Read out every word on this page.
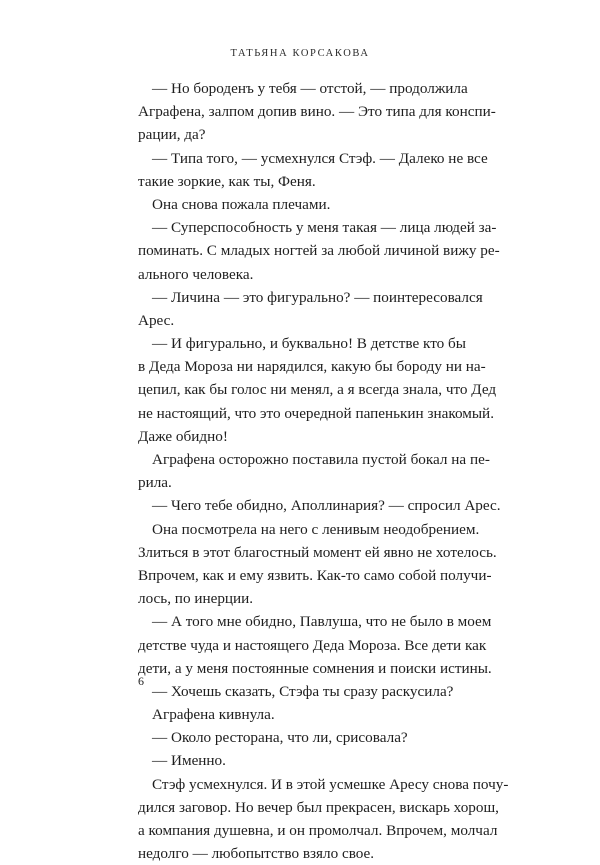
ТАТЬЯНА КОРСАКОВА
— Но бороденъ у тебя — отстой, — продолжила
Аграфена, залпом допив вино. — Это типа для конспи-
рации, да?
— Типа того, — усмехнулся Стэф. — Далеко не все
такие зоркие, как ты, Феня.
Она снова пожала плечами.
— Суперспособность у меня такая — лица людей за-
поминать. С младых ногтей за любой личиной вижу ре-
ального человека.
— Личина — это фигурально? — поинтересовался
Арес.
— И фигурально, и буквально! В детстве кто бы
в Деда Мороза ни нарядился, какую бы бороду ни на-
цепил, как бы голос ни менял, а я всегда знала, что Дед
не настоящий, что это очередной папенькин знакомый.
Даже обидно!
Аграфена осторожно поставила пустой бокал на пе-
рила.
— Чего тебе обидно, Аполлинария? — спросил Арес.
Она посмотрела на него с ленивым неодобрением.
Злиться в этот благостный момент ей явно не хотелось.
Впрочем, как и ему язвить. Как-то само собой получи-
лось, по инерции.
— А того мне обидно, Павлуша, что не было в моем
детстве чуда и настоящего Деда Мороза. Все дети как
дети, а у меня постоянные сомнения и поиски истины.
— Хочешь сказать, Стэфа ты сразу раскусила?
Аграфена кивнула.
— Около ресторана, что ли, срисовала?
— Именно.
Стэф усмехнулся. И в этой усмешке Аресу снова почу-
дился заговор. Но вечер был прекрасен, вискарь хорош,
а компания душевна, и он промолчал. Впрочем, молчал
недолго — любопытство взяло свое.
6
